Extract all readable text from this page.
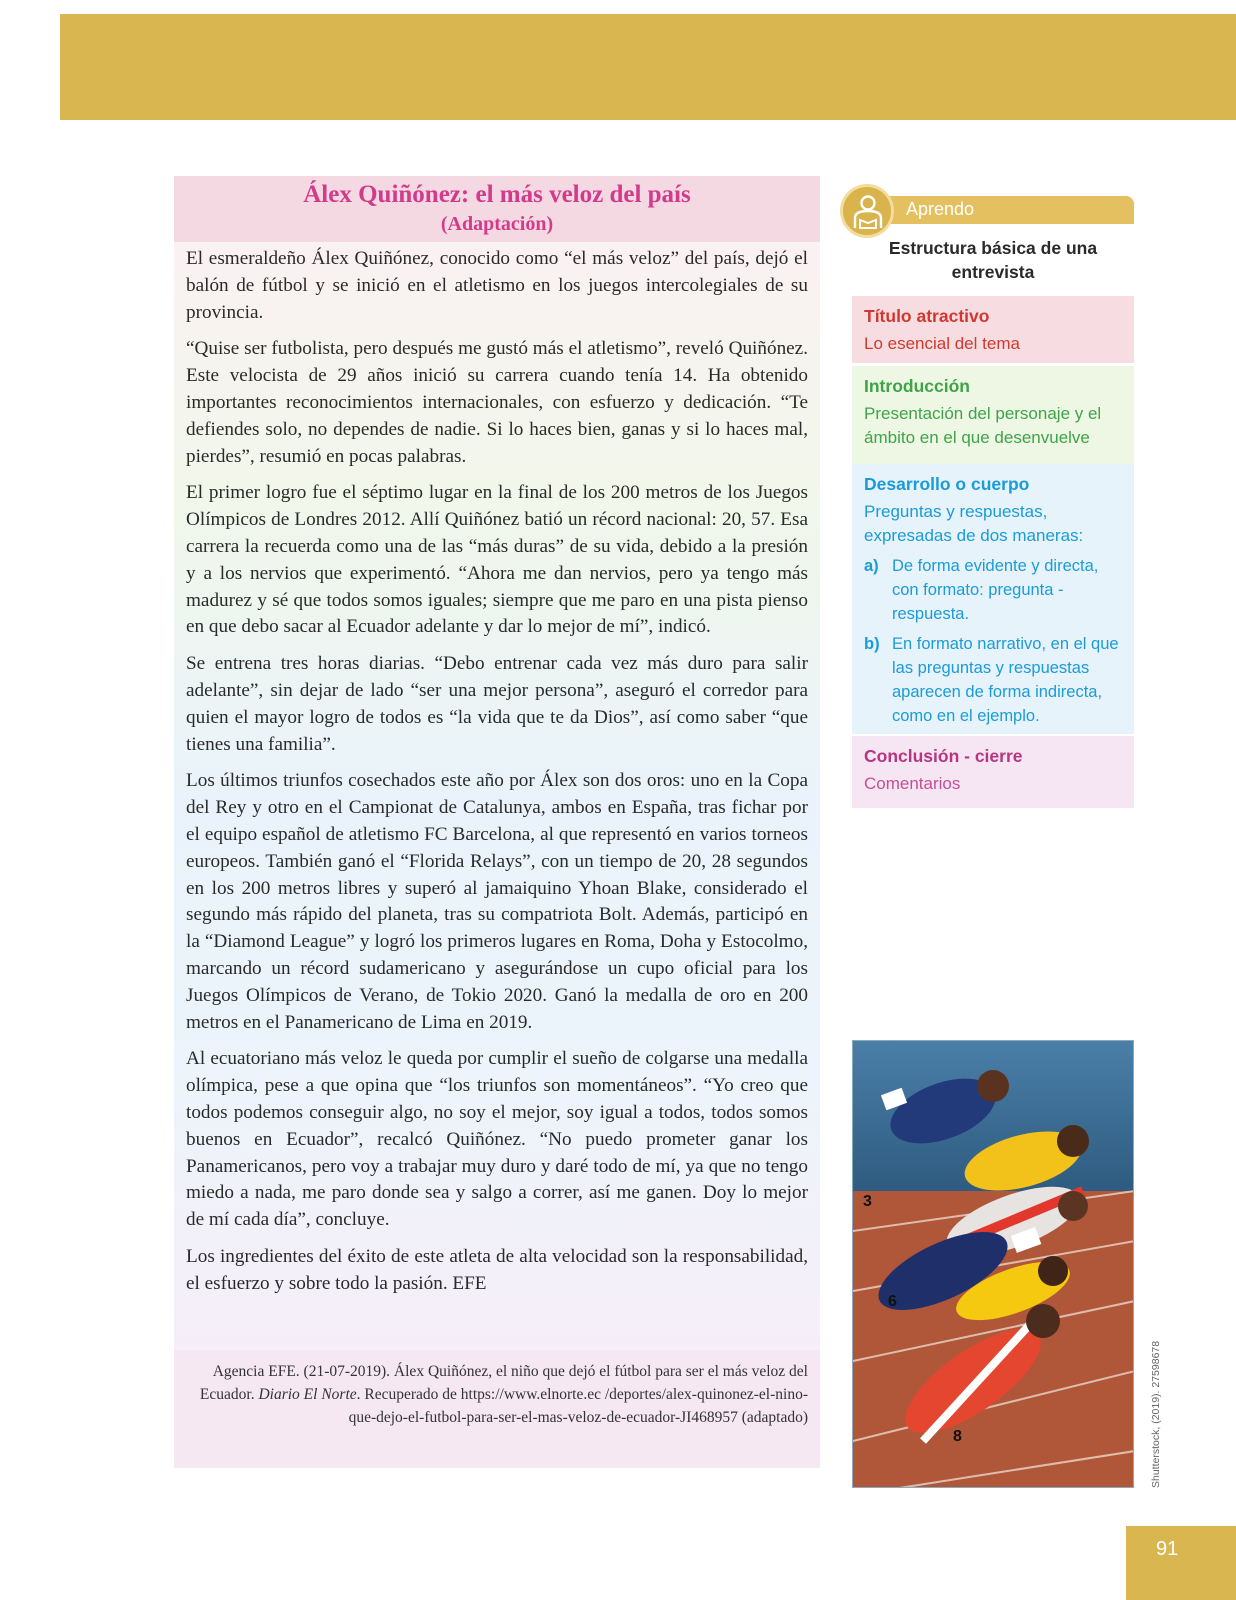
Álex Quiñónez: el más veloz del país
(Adaptación)

El esmeraldeño Álex Quiñónez, conocido como “el más veloz” del país, dejó el balón de fútbol y se inició en el atletismo en los juegos intercolegiales de su provincia.

“Quise ser futbolista, pero después me gustó más el atletismo”, reveló Quiñónez. Este velocista de 29 años inició su carrera cuando tenía 14. Ha obtenido importantes reconocimientos internacionales, con esfuerzo y dedicación. “Te defiendes solo, no dependes de nadie. Si lo haces bien, ganas y si lo haces mal, pierdes”, resumió en pocas palabras.

El primer logro fue el séptimo lugar en la final de los 200 metros de los Juegos Olímpicos de Londres 2012. Allí Quiñónez batió un récord nacional: 20, 57. Esa carrera la recuerda como una de las “más duras” de su vida, debido a la presión y a los nervios que experimentó. “Ahora me dan nervios, pero ya tengo más madurez y sé que todos somos iguales; siempre que me paro en una pista pienso en que debo sacar al Ecuador adelante y dar lo mejor de mí”, indicó.

Se entrena tres horas diarias. “Debo entrenar cada vez más duro para salir adelante”, sin dejar de lado “ser una mejor persona”, aseguró el corredor para quien el mayor logro de todos es “la vida que te da Dios”, así como saber “que tienes una familia”.

Los últimos triunfos cosechados este año por Álex son dos oros: uno en la Copa del Rey y otro en el Campionat de Catalunya, ambos en España, tras fichar por el equipo español de atletismo FC Barcelona, al que representó en varios torneos europeos. También ganó el “Florida Relays”, con un tiempo de 20, 28 segundos en los 200 metros libres y superó al jamaiquino Yhoan Blake, considerado el segundo más rápido del planeta, tras su compatriota Bolt. Además, participó en la “Diamond League” y logró los primeros lugares en Roma, Doha y Estocolmo, marcando un récord sudamericano y asegurándose un cupo oficial para los Juegos Olímpicos de Verano, de Tokio 2020. Ganó la medalla de oro en 200 metros en el Panamericano de Lima en 2019.

Al ecuatoriano más veloz le queda por cumplir el sueño de colgarse una medalla olímpica, pese a que opina que “los triunfos son momentáneos”. “Yo creo que todos podemos conseguir algo, no soy el mejor, soy igual a todos, todos somos buenos en Ecuador”, recalcó Quiñónez. “No puedo prometer ganar los Panamericanos, pero voy a trabajar muy duro y daré todo de mí, ya que no tengo miedo a nada, me paro donde sea y salgo a correr, así me ganen. Doy lo mejor de mí cada día”, concluye.

Los ingredientes del éxito de este atleta de alta velocidad son la responsabilidad, el esfuerzo y sobre todo la pasión. EFE

Agencia EFE. (21-07-2019). Álex Quiñónez, el niño que dejó el fútbol para ser el más veloz del Ecuador. Diario El Norte. Recuperado de https://www.elnorte.ec /deportes/alex-quinonez-el-nino-que-dejo-el-futbol-para-ser-el-mas-veloz-de-ecuador-JI468957 (adaptado)
Aprendo
Estructura básica de una entrevista
Título atractivo
Lo esencial del tema
Introducción
Presentación del personaje y el ámbito en el que desenvuelve
Desarrollo o cuerpo
Preguntas y respuestas, expresadas de dos maneras:
a) De forma evidente y directa, con formato: pregunta -respuesta.
b) En formato narrativo, en el que las preguntas y respuestas aparecen de forma indirecta, como en el ejemplo.
Conclusión - cierre
Comentarios
3
6
8	Shutterstock, (2019). 27598678
91
